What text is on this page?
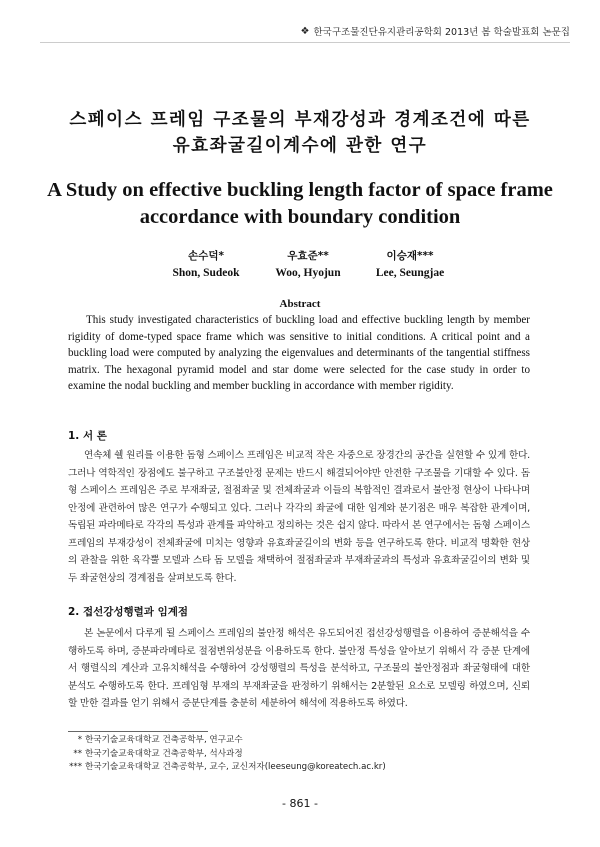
❖ 한국구조물진단유지관리공학회 2013년 봄 학술발표회 논문집
스페이스 프레임 구조물의 부재강성과 경계조건에 따른
유효좌굴길이계수에 관한 연구
A Study on effective buckling length factor of space frame
accordance with boundary condition
손수덕*
Shon, Sudeok
우효준**
Woo, Hyojun
이승재***
Lee, Seungjae
Abstract
This study investigated characteristics of buckling load and effective buckling length by member rigidity of dome-typed space frame which was sensitive to initial conditions. A critical point and a buckling load were computed by analyzing the eigenvalues and determinants of the tangential stiffness matrix. The hexagonal pyramid model and star dome were selected for the case study in order to examine the nodal buckling and member buckling in accordance with member rigidity.
1. 서 론
연속체 쉘 원리를 이용한 돔형 스페이스 프레임은 비교적 작은 자중으로 장경간의 공간을 실현할 수 있게 한다. 그러나 역학적인 장점에도 불구하고 구조불안정 문제는 반드시 해결되어야만 안전한 구조물을 기대할 수 있다. 돔형 스페이스 프레임은 주로 부재좌굴, 절점좌굴 및 전체좌굴과 이들의 복합적인 결과로서 불안정 현상이 나타나며 안정에 관련하여 많은 연구가 수행되고 있다. 그러나 각각의 좌굴에 대한 임계와 분기점은 매우 복잡한 관계이며, 독립된 파라메타로 각각의 특성과 관계를 파악하고 정의하는 것은 쉽지 않다. 따라서 본 연구에서는 돔형 스페이스 프레임의 부재강성이 전체좌굴에 미치는 영향과 유효좌굴길이의 변화 등을 연구하도록 한다. 비교적 명확한 현상의 관찰을 위한 육각뿔 모델과 스타 돔 모델을 채택하여 절점좌굴과 부재좌굴과의 특성과 유효좌굴길이의 변화 및 두 좌굴현상의 경계점을 살펴보도록 한다.
2. 접선강성행렬과 임계점
본 논문에서 다루게 될 스페이스 프레임의 불안정 해석은 유도되어진 접선강성행렬을 이용하여 증분해석을 수행하도록 하며, 증분파라메타로 절점변위성분을 이용하도록 한다. 불안정 특성을 알아보기 위해서 각 증분 단계에서 행렬식의 계산과 고유치해석을 수행하여 강성행렬의 특성을 분석하고, 구조물의 불안정점과 좌굴형태에 대한 분석도 수행하도록 한다. 프레임형 부재의 부재좌굴을 판정하기 위해서는 2분할된 요소로 모델링 하였으며, 신뢰할 만한 결과를 얻기 위해서 증분단계를 충분히 세분하여 해석에 적용하도록 하였다.
* 한국기술교육대학교 건축공학부, 연구교수
** 한국기술교육대학교 건축공학부, 석사과정
*** 한국기술교육대학교 건축공학부, 교수, 교신저자(leeseung@koreatech.ac.kr)
- 861 -
